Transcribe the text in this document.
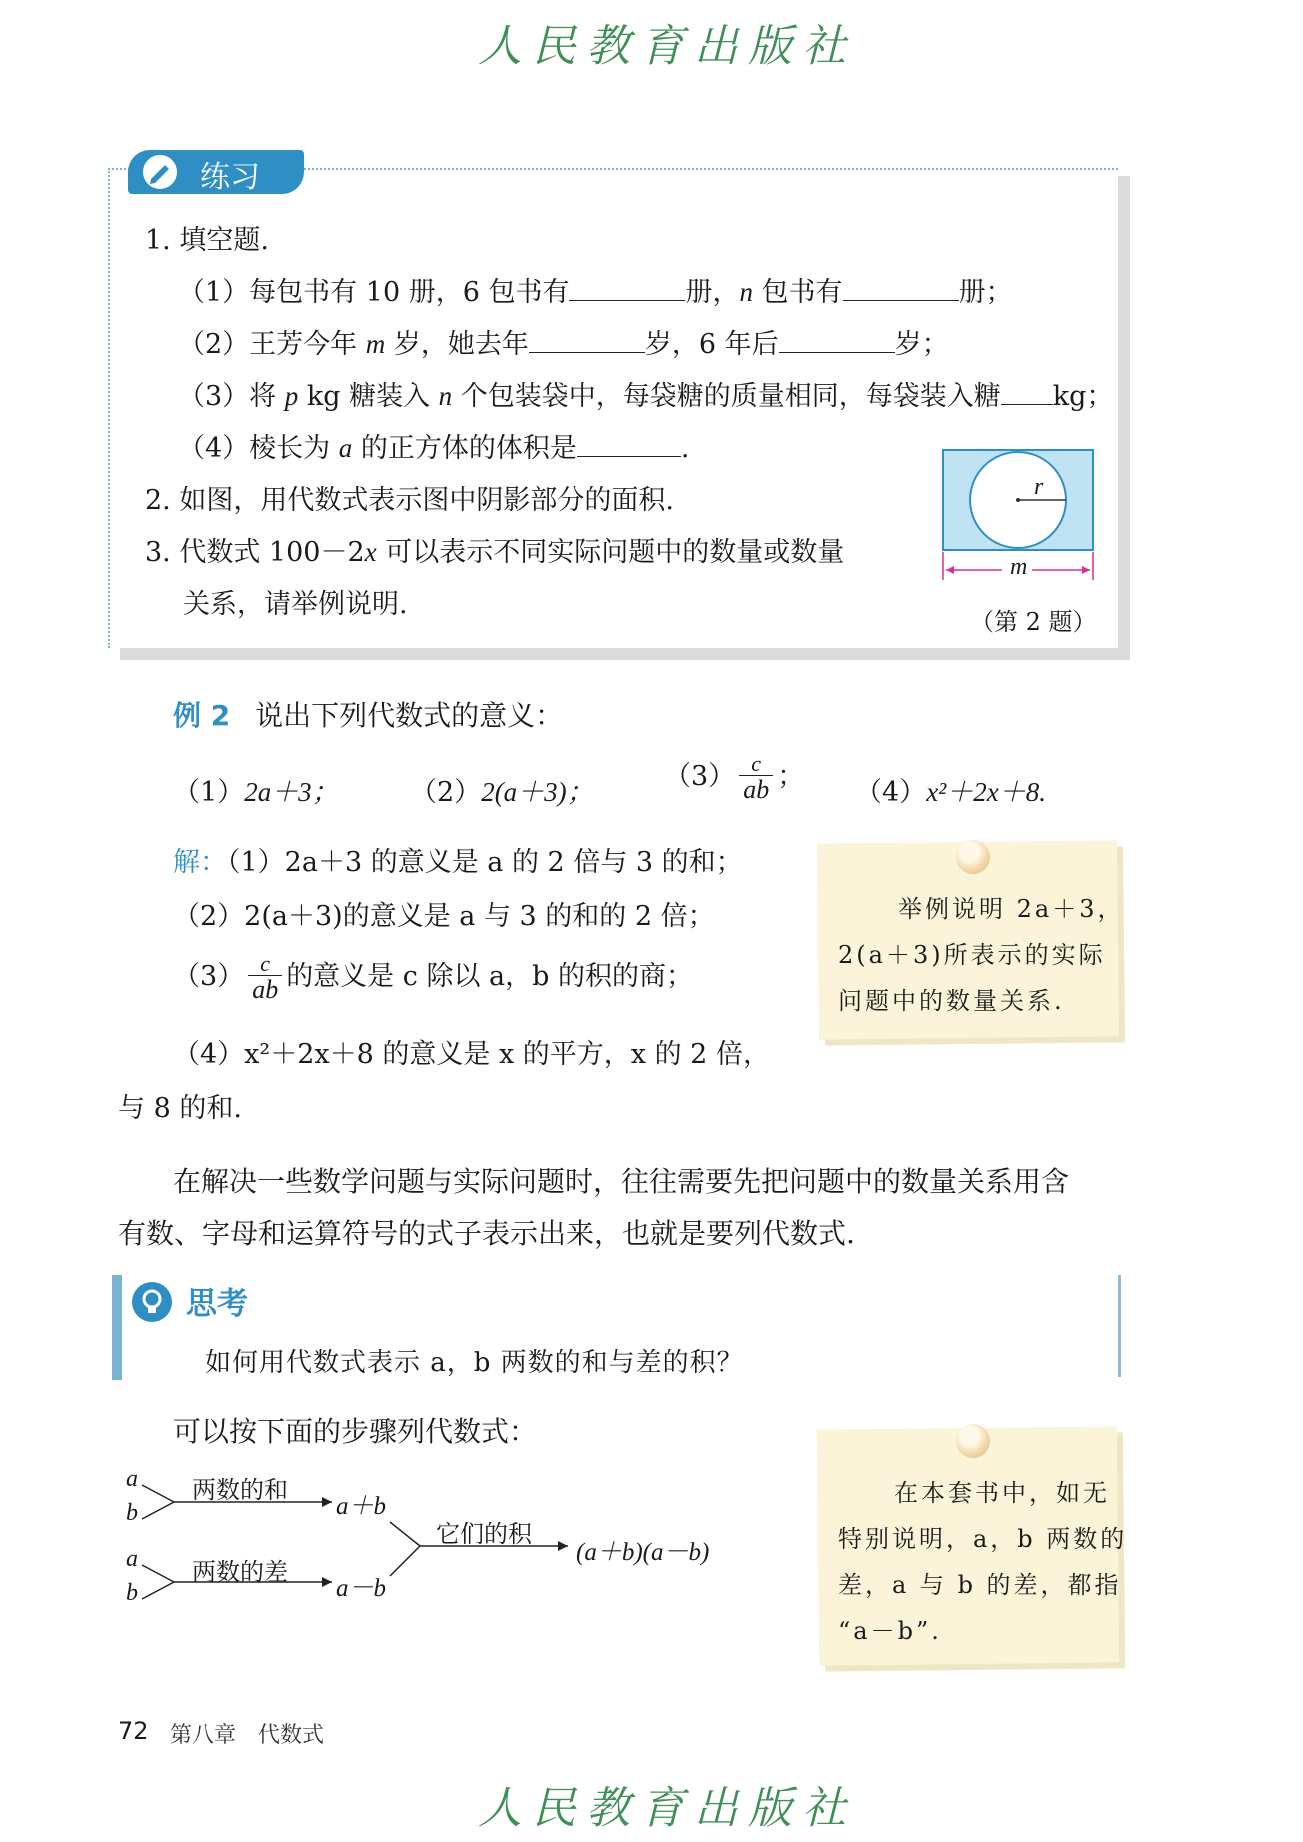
人民教育出版社
练习
1. 填空题.
（1）每包书有 10 册，6 包书有	册，n 包书有	册；
（2）王芳今年 m 岁，她去年	岁，6 年后	岁；
（3）将 p kg 糖装入 n 个包装袋中，每袋糖的质量相同，每袋装入糖 kg；
（4）棱长为 a 的正方体的体积是	.
2. 如图，用代数式表示图中阴影部分的面积.
3. 代数式 100－2x 可以表示不同实际问题中的数量或数量
关系，请举例说明.
r
m
（第 2 题）
例 2 说出下列代数式的意义：
（1）2a＋3；	（2）2(a＋3)；	$(3) \frac{c}{ab}$ ；
（4）x²＋2x＋8.
解：（1）2a＋3 的意义是 a 的 2 倍与 3 的和；
（2）2(a＋3)的意义是 a 与 3 的和的 2 倍；
$(3) \frac{c}{ab}$ 的意义是 c 除以 a，b 的积的商；
（4）x²＋2x＋8 的意义是 x 的平方，x 的 2 倍，
与 8 的和.
举例说明 2a＋3，
2(a＋3)所表示的实际
问题中的数量关系.
在解决一些数学问题与实际问题时，往往需要先把问题中的数量关系用含
有数、字母和运算符号的式子表示出来，也就是要列代数式.
思考
如何用代数式表示 a，b 两数的和与差的积？
可以按下面的步骤列代数式：
a
b
两数的和
a＋b
a
b
两数的差
a－b
它们的积
(a＋b)(a－b)
在本套书中，如无
特别说明，a，b 两数的
差，a 与 b 的差，都指
“a－b”.
72 第八章　代数式
人民教育出版社
